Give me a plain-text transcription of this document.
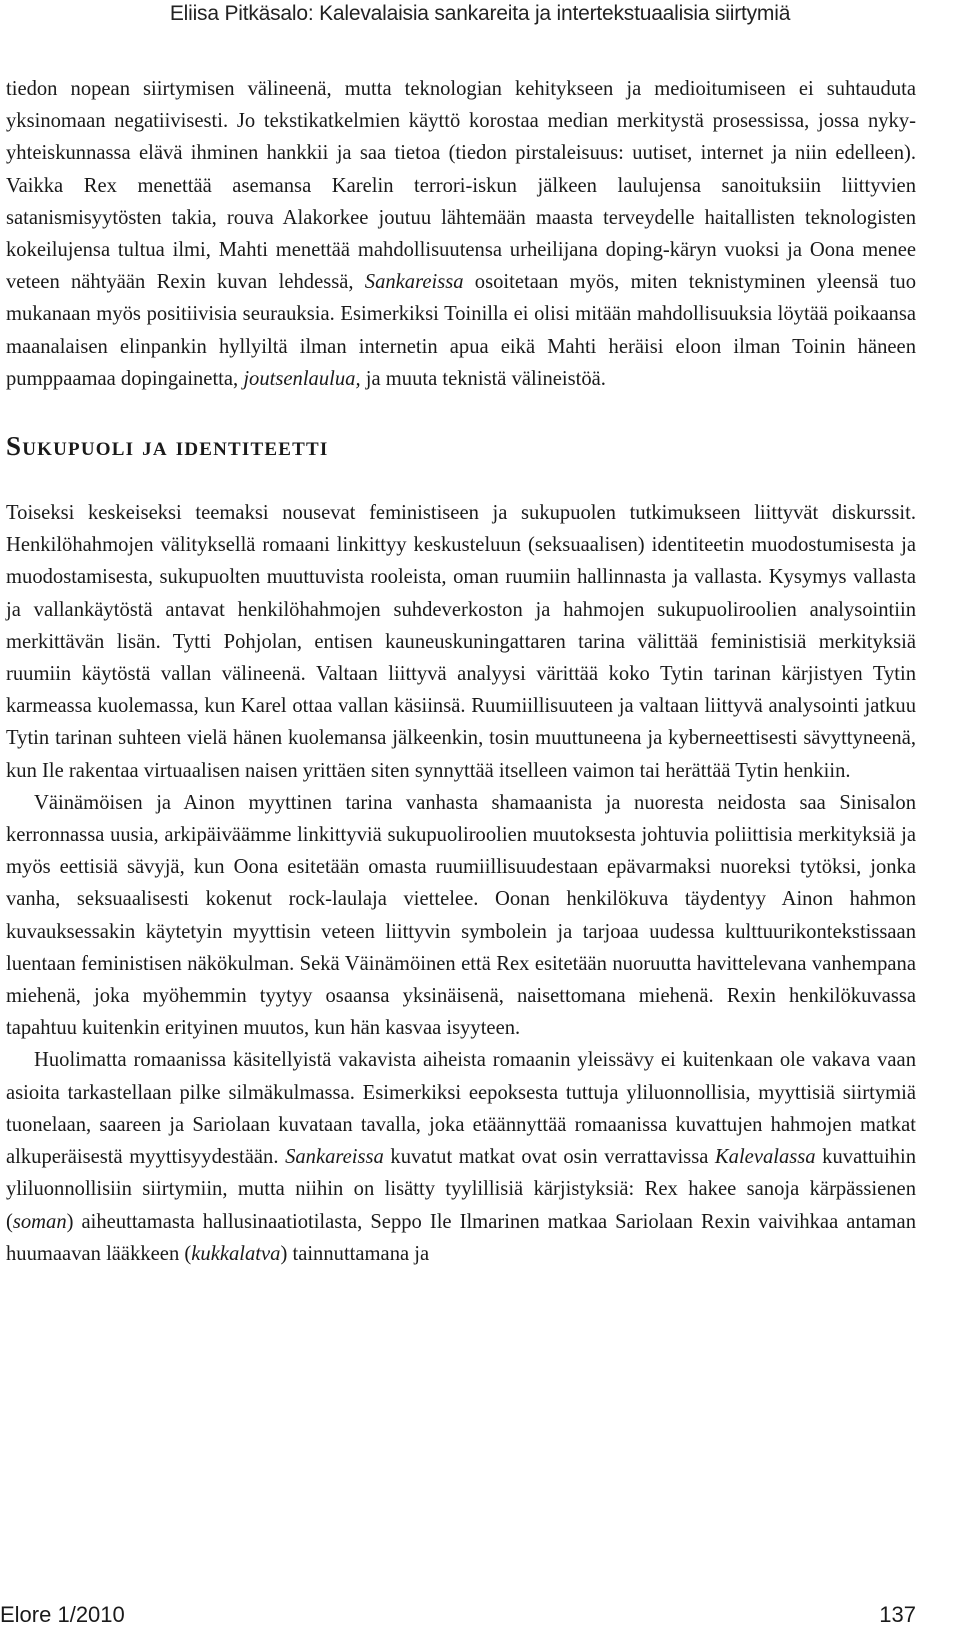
Eliisa Pitkäsalo: Kalevalaisia sankareita ja intertekstuaalisia siirtymiä

tiedon nopean siirtymisen välineenä, mutta teknologian kehitykseen ja medioitumiseen ei suhtauduta yksinomaan negatiivisesti. Jo tekstikatkelmien käyttö korostaa median merkitystä prosessissa, jossa nyky-yhteiskunnassa elävä ihminen hankkii ja saa tietoa (tiedon pirstaleisuus: uutiset, internet ja niin edelleen). Vaikka Rex menettää asemansa Karelin terrori-iskun jälkeen laulujensa sanoituksiin liittyvien satanismisyytösten takia, rouva Alakorkee joutuu lähtemään maasta terveydelle haitallisten teknologisten kokeilujensa tultua ilmi, Mahti menettää mahdollisuutensa urheilijana doping-käryn vuoksi ja Oona menee veteen nähtyään Rexin kuvan lehdessä, Sankareissa osoitetaan myös, miten teknistyminen yleensä tuo mukanaan myös positiivisia seurauksia. Esimerkiksi Toinilla ei olisi mitään mahdollisuuksia löytää poikaansa maanalaisen elinpankin hyllyiltä ilman internetin apua eikä Mahti heräisi eloon ilman Toinin häneen pumppaamaa dopingainetta, joutsenlaulua, ja muuta teknistä välineistöä.

Sukupuoli ja identiteetti

Toiseksi keskeiseksi teemaksi nousevat feministiseen ja sukupuolen tutkimukseen liittyvät diskurssit. Henkilöhahmojen välityksellä romaani linkittyy keskusteluun (seksuaalisen) identiteetin muodostumisesta ja muodostamisesta, sukupuolten muuttuvista rooleista, oman ruumiin hallinnasta ja vallasta. Kysymys vallasta ja vallankäytöstä antavat henkilöhahmojen suhdeverkoston ja hahmojen sukupuoliroolien analysointiin merkittävän lisän. Tytti Pohjolan, entisen kauneuskuningattaren tarina välittää feministisiä merkityksiä ruumiin käytöstä vallan välineenä. Valtaan liittyvä analyysi värittää koko Tytin tarinan kärjistyen Tytin karmeassa kuolemassa, kun Karel ottaa vallan käsiinsä. Ruumiillisuuteen ja valtaan liittyvä analysointi jatkuu Tytin tarinan suhteen vielä hänen kuolemansa jälkeenkin, tosin muuttuneena ja kyberneettisesti sävyttyneenä, kun Ile rakentaa virtuaalisen naisen yrittäen siten synnyttää itselleen vaimon tai herättää Tytin henkiin.

Väinämöisen ja Ainon myyttinen tarina vanhasta shamaanista ja nuoresta neidosta saa Sinisalon kerronnassa uusia, arkipäiväämme linkittyviä sukupuoliroolien muutoksesta johtuvia poliittisia merkityksiä ja myös eettisiä sävyjä, kun Oona esitetään omasta ruumiillisuudestaan epävarmaksi nuoreksi tytöksi, jonka vanha, seksuaalisesti kokenut rock-laulaja viettelee. Oonan henkilökuva täydentyy Ainon hahmon kuvauksessakin käytetyin myyttisin veteen liittyvin symbolein ja tarjoaa uudessa kulttuurikontekstissaan luentaan feministisen näkökulman. Sekä Väinämöinen että Rex esitetään nuoruutta havittelevana vanhempana miehenä, joka myöhemmin tyytyy osaansa yksinäisenä, naisettomana miehenä. Rexin henkilökuvassa tapahtuu kuitenkin erityinen muutos, kun hän kasvaa isyyteen.

Huolimatta romaanissa käsitellyistä vakavista aiheista romaanin yleissävy ei kuitenkaan ole vakava vaan asioita tarkastellaan pilke silmäkulmassa. Esimerkiksi eepoksesta tuttuja yliluonnollisia, myyttisiä siirtymiä tuonelaan, saareen ja Sariolaan kuvataan tavalla, joka etäännyttää romaanissa kuvattujen hahmojen matkat alkuperäisestä myyttisyydestään. Sankareissa kuvatut matkat ovat osin verrattavissa Kalevalassa kuvattuihin yliluonnollisiin siirtymiin, mutta niihin on lisätty tyylillisiä kärjistyksiä: Rex hakee sanoja kärpässienen (soman) aiheuttamasta hallusinaatiotilasta, Seppo Ile Ilmarinen matkaa Sariolaan Rexin vaivihkaa antaman huumaavan lääkkeen (kukkalatva) tainnuttamana ja

Elore 1/2010	137
